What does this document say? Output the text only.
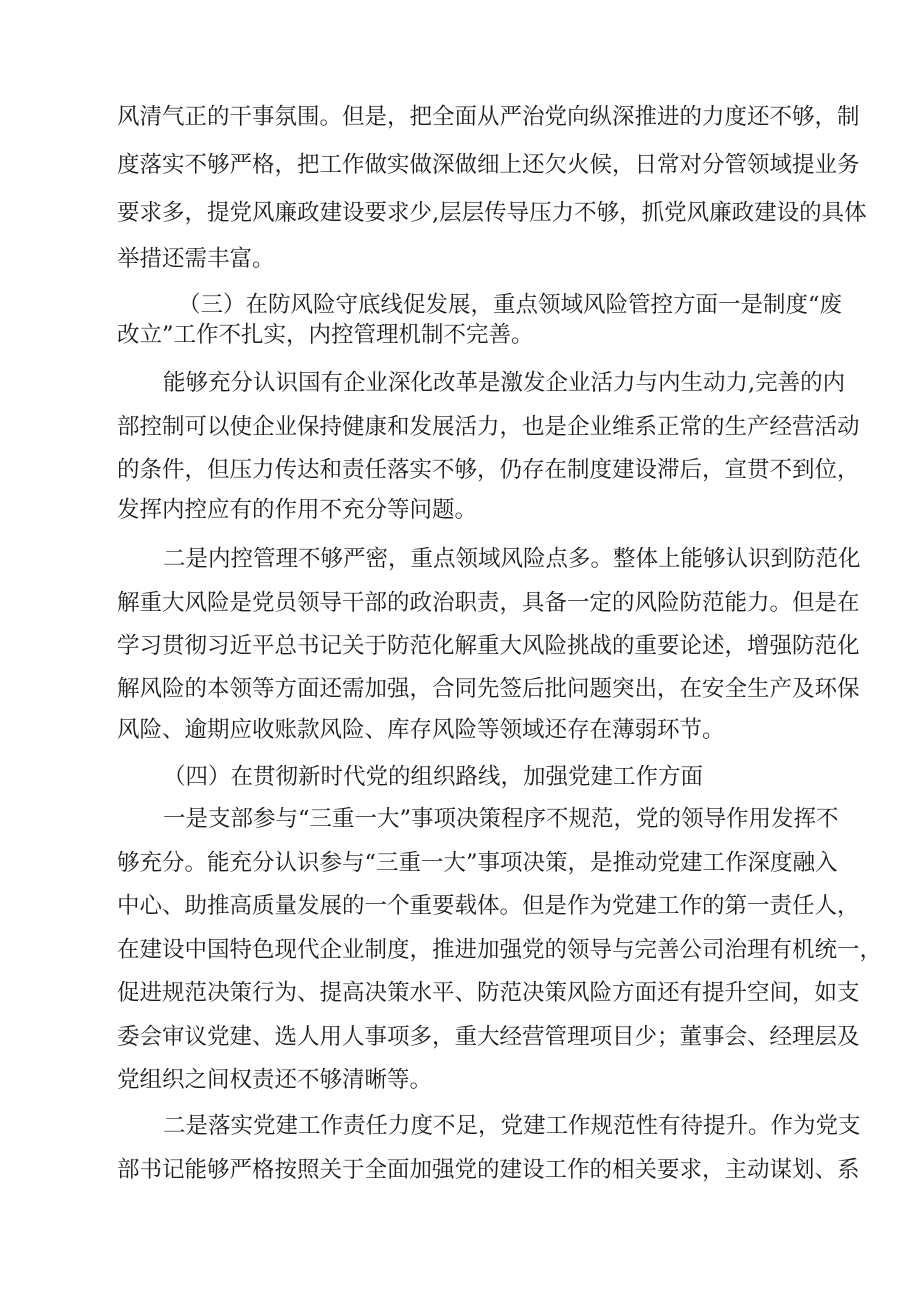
风清气正的干事氛围。但是，把全面从严治党向纵深推进的力度还不够，制
度落实不够严格，把工作做实做深做细上还欠火候，日常对分管领域提业务
要求多，提党风廉政建设要求少,层层传导压力不够，抓党风廉政建设的具体
举措还需丰富。
（三）在防风险守底线促发展，重点领域风险管控方面一是制度“废
改立”工作不扎实，内控管理机制不完善。
能够充分认识国有企业深化改革是激发企业活力与内生动力,完善的内
部控制可以使企业保持健康和发展活力，也是企业维系正常的生产经营活动
的条件，但压力传达和责任落实不够，仍存在制度建设滞后，宣贯不到位，
发挥内控应有的作用不充分等问题。
二是内控管理不够严密，重点领域风险点多。整体上能够认识到防范化
解重大风险是党员领导干部的政治职责，具备一定的风险防范能力。但是在
学习贯彻习近平总书记关于防范化解重大风险挑战的重要论述，增强防范化
解风险的本领等方面还需加强，合同先签后批问题突出，在安全生产及环保
风险、逾期应收账款风险、库存风险等领域还存在薄弱环节。
（四）在贯彻新时代党的组织路线，加强党建工作方面
一是支部参与“三重一大”事项决策程序不规范，党的领导作用发挥不
够充分。能充分认识参与“三重一大”事项决策，是推动党建工作深度融入
中心、助推高质量发展的一个重要载体。但是作为党建工作的第一责任人，
在建设中国特色现代企业制度，推进加强党的领导与完善公司治理有机统一，
促进规范决策行为、提高决策水平、防范决策风险方面还有提升空间，如支
委会审议党建、选人用人事项多，重大经营管理项目少；董事会、经理层及
党组织之间权责还不够清晰等。
二是落实党建工作责任力度不足，党建工作规范性有待提升。作为党支
部书记能够严格按照关于全面加强党的建设工作的相关要求，主动谋划、系
